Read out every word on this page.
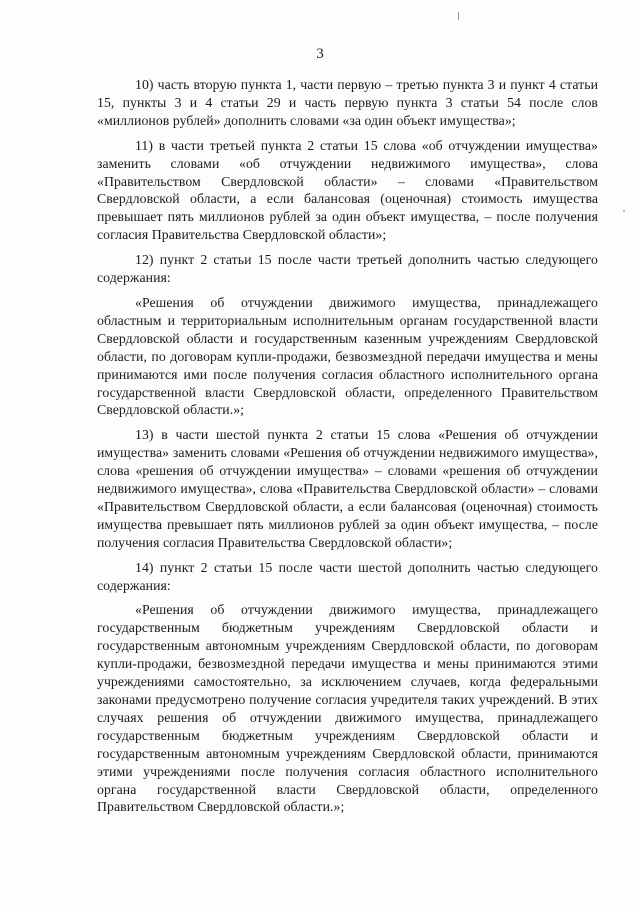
3

10) часть вторую пункта 1, части первую – третью пункта 3 и пункт 4 статьи 15, пункты 3 и 4 статьи 29 и часть первую пункта 3 статьи 54 после слов «миллионов рублей» дополнить словами «за один объект имущества»;

11) в части третьей пункта 2 статьи 15 слова «об отчуждении имущества» заменить словами «об отчуждении недвижимого имущества», слова «Правительством Свердловской области» – словами «Правительством Свердловской области, а если балансовая (оценочная) стоимость имущества превышает пять миллионов рублей за один объект имущества, – после получения согласия Правительства Свердловской области»;

12) пункт 2 статьи 15 после части третьей дополнить частью следующего содержания:

«Решения об отчуждении движимого имущества, принадлежащего областным и территориальным исполнительным органам государственной власти Свердловской области и государственным казенным учреждениям Свердловской области, по договорам купли-продажи, безвозмездной передачи имущества и мены принимаются ими после получения согласия областного исполнительного органа государственной власти Свердловской области, определенного Правительством Свердловской области.»;

13) в части шестой пункта 2 статьи 15 слова «Решения об отчуждении имущества» заменить словами «Решения об отчуждении недвижимого имущества», слова «решения об отчуждении имущества» – словами «решения об отчуждении недвижимого имущества», слова «Правительства Свердловской области» – словами «Правительством Свердловской области, а если балансовая (оценочная) стоимость имущества превышает пять миллионов рублей за один объект имущества, – после получения согласия Правительства Свердловской области»;

14) пункт 2 статьи 15 после части шестой дополнить частью следующего содержания:

«Решения об отчуждении движимого имущества, принадлежащего государственным бюджетным учреждениям Свердловской области и государственным автономным учреждениям Свердловской области, по договорам купли-продажи, безвозмездной передачи имущества и мены принимаются этими учреждениями самостоятельно, за исключением случаев, когда федеральными законами предусмотрено получение согласия учредителя таких учреждений. В этих случаях решения об отчуждении движимого имущества, принадлежащего государственным бюджетным учреждениям Свердловской области и государственным автономным учреждениям Свердловской области, принимаются этими учреждениями после получения согласия областного исполнительного органа государственной власти Свердловской области, определенного Правительством Свердловской области.»;
